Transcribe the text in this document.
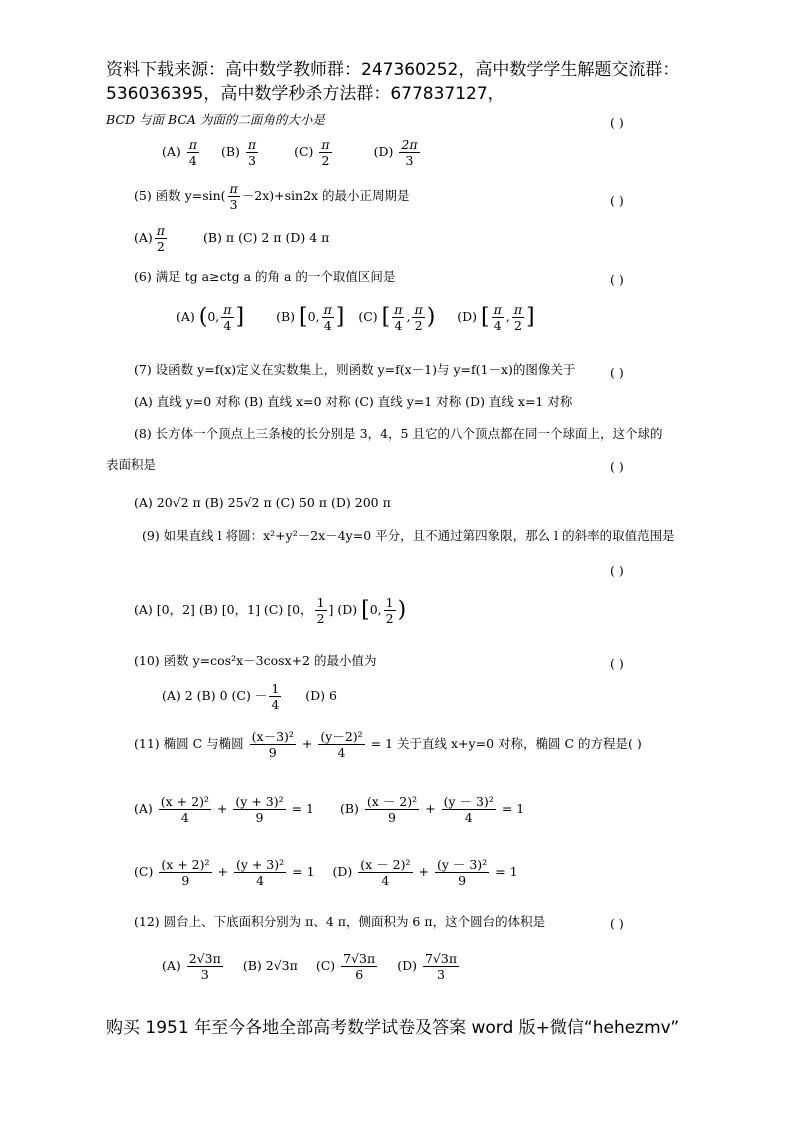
资料下载来源：高中数学教师群：247360252，高中数学学生解题交流群：
536036395，高中数学秒杀方法群：677837127，
BCD 与面 BCA 为面的二面角的大小是	( )
$(A) \frac{\pi}{4} (B) \frac{\pi}{3}$	$(C) \frac{\pi}{2}$	$(D) \frac{2\pi}{3}$
(5) 函数 $y=\sin( \frac{\pi}{3} -2x)+\sin 2x$ 的最小正周期是	( )
$(A) \frac{\pi}{2}$	(B) π (C) 2 π (D) 4 π
(6) 满足 tg a≥ctg a 的角 a 的一个取值区间是	( )
(A) (0, $\frac{\pi}{4}$ ]	(B) [0, $\frac{\pi}{4}$ ] (C) [ $\frac{\pi}{4}$ , $\frac{\pi}{2}$ ) (D) [ $\frac{\pi}{4}$ , $\frac{\pi}{2}$ ]
(7) 设函数 y=f(x)定义在实数集上，则函数 y=f(x－1)与 y=f(1－x)的图像关于	( )
(A) 直线 y=0 对称 (B) 直线 x=0 对称 (C) 直线 y=1 对称 (D) 直线 x=1 对称
(8) 长方体一个顶点上三条棱的长分别是 3，4，5 且它的八个顶点都在同一个球面上，这个球的
表面积是	( )
(A) 20√2 π (B) 25√2 π (C) 50 π (D) 200 π
(9) 如果直线 l 将圆：x²+y²－2x－4y=0 平分，且不通过第四象限，那么 l 的斜率的取值范围是
( )
(A) [0，2] (B) [0，1] (C) [0， $\frac{1}{2}$ ] (D) [0, $\frac{1}{2}$ )
(10) 函数 y=cos²x－3cosx+2 的最小值为	( )
(A) 2 (B) 0 $(C) - \frac{1}{4} (D)$ 6
(11) 椭圆 C 与椭圆 $\frac{\text{(x－3)²}}{9} + \frac{\text{(y－2)²}}{4} = 1$ 关于直线 x+y=0 对称，椭圆 C 的方程是( )
$(A) \frac{\text{(x + 2)²}}{4} + \frac{\text{(y + 3)²}}{9} = 1$ $(B) \frac{\text{(x － 2)²}}{9} + \frac{\text{(y － 3)²}}{4} = 1$
$(C) \frac{\text{(x + 2)²}}{9} + \frac{\text{(y + 3)²}}{4} = 1$ $(D) \frac{\text{(x － 2)²}}{4} + \frac{\text{(y － 3)²}}{9} = 1$
(12) 圆台上、下底面积分别为 π、4 π，侧面积为 6 π，这个圆台的体积是	( )
$(A) \frac{2√3\pi}{3} (B)$ 2√3π $(C) \frac{7√3\pi}{6} (D) \frac{7√3\pi}{3}$
购买 1951 年至今各地全部高考数学试卷及答案 word 版+微信“hehezmv”
